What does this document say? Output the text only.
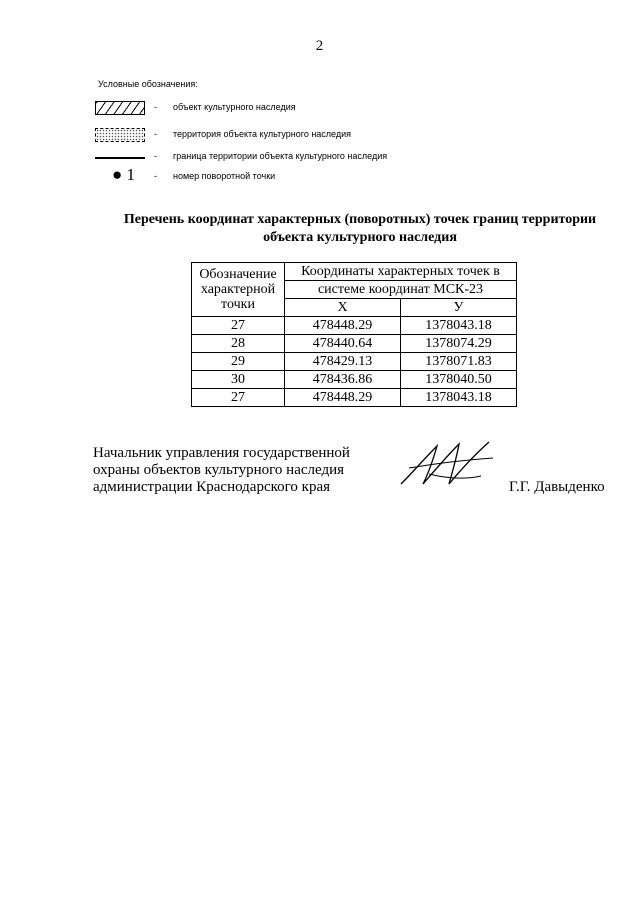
2
Условные обозначения:
- объект культурного наследия
- территория объекта культурного наследия
- граница территории объекта культурного наследия
● 1 - номер поворотной точки
Перечень координат характерных (поворотных) точек границ территории
объекта культурного наследия
Обозначение
характерной
точки	Координаты характерных точек в	

	системе координат МСК-23	
	Х	У
27	478448.29	1378043.18
28	478440.64	1378074.29
29	478429.13	1378071.83
30	478436.86	1378040.50
27	478448.29	1378043.18
Начальник управления государственной
охраны объектов культурного наследия
администрации Краснодарского края	Г.Г. Давыденко
